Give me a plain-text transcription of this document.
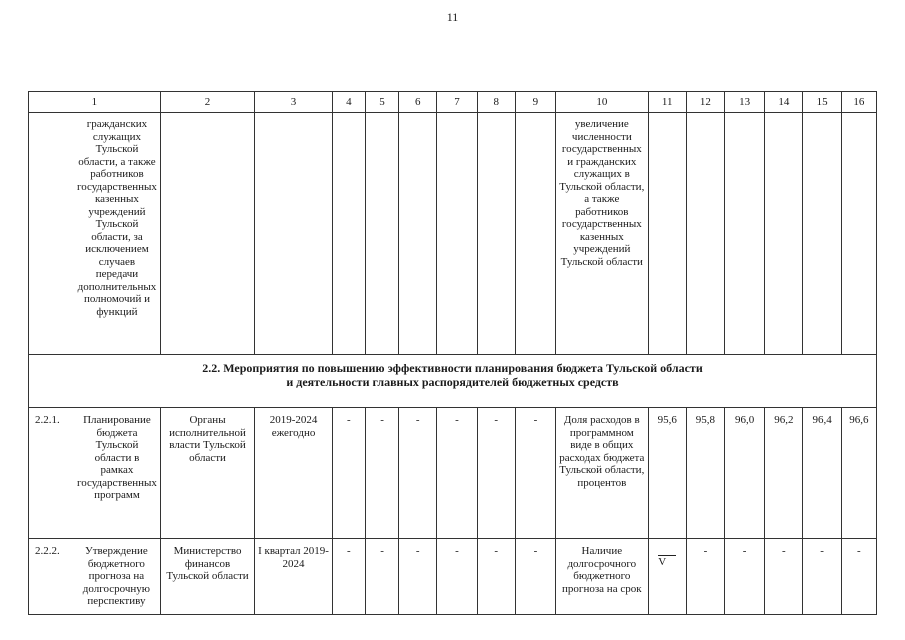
11
1	2	3	4	5	6	7	8	9	10	11	12	13	14	15	16

гражданских служащих Тульской области, а также работников государственных казенных учреждений Тульской области, за исключением случаев передачи дополнительных полномочий и функций									увеличение численности государственных и гражданских служащих в Тульской области, а также работников государственных казенных учреждений Тульской области						

2.2. Мероприятия по повышению эффективности планирования бюджета Тульской области
и деятельности главных распорядителей бюджетных средств															

2.2.1. Планирование бюджета Тульской области в рамках государственных программ	Органы исполнительной власти Тульской области	2019-2024 ежегодно	-	-	-	-	-	-	Доля расходов в программном виде в общих расходах бюджета Тульской области, процентов	95,6	95,8	96,0	96,2	96,4	96,6

2.2.2. Утверждение бюджетного прогноза на долгосрочную перспективу	Министерство финансов Тульской области	I квартал 2019-2024	-	-	-	-	-	-	Наличие долгосрочного бюджетного прогноза на срок	V	-	-	-	-	-
